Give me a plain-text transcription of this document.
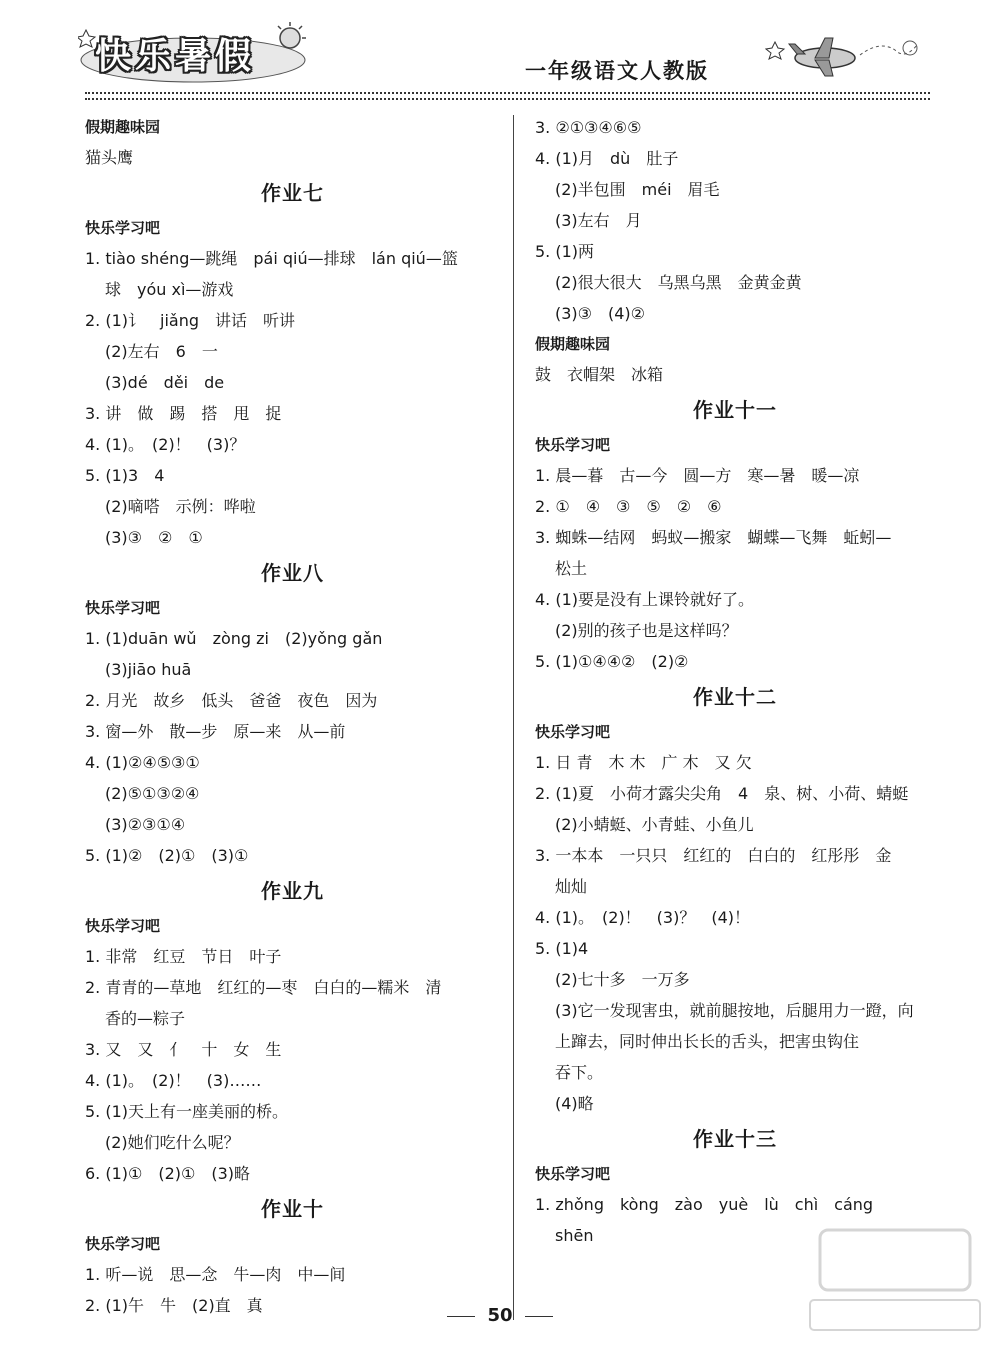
快乐暑假	一年级语文人教版
假期趣味园
猫头鹰
作业七
快乐学习吧
1. tiào shéng—跳绳　pái qiú—排球　lán qiú—篮
球　yóu xì—游戏
2. (1)讠　jiǎng　讲话　听讲
(2)左右　6　一
(3)dé　děi　de
3. 讲　做　踢　搭　甩　捉
4. (1)。　(2)！　(3)？
5. (1)3　4
(2)嘀嗒　示例：哗啦
(3)③　②　①
作业八
快乐学习吧
1. (1)duān wǔ　zòng zi　(2)yǒng gǎn
(3)jiāo huā
2. 月光　故乡　低头　爸爸　夜色　因为
3. 窗—外　散—步　原—来　从—前
4. (1)②④⑤③①
(2)⑤①③②④
(3)②③①④
5. (1)②　(2)①　(3)①
作业九
快乐学习吧
1. 非常　红豆　节日　叶子
2. 青青的—草地　红红的—枣　白白的—糯米　清
香的—粽子
3. 又　又　亻　十　女　生
4. (1)。　(2)！　(3)……
5. (1)天上有一座美丽的桥。
(2)她们吃什么呢？
6. (1)①　(2)①　(3)略
作业十
快乐学习吧
1. 听—说　思—念　牛—肉　中—间
2. (1)午　牛　(2)直　真
3. ②①③④⑥⑤
4. (1)月　dù　肚子
(2)半包围　méi　眉毛
(3)左右　月
5. (1)两
(2)很大很大　乌黑乌黑　金黄金黄
(3)③　(4)②
假期趣味园
鼓　衣帽架　冰箱
作业十一
快乐学习吧
1. 晨—暮　古—今　圆—方　寒—暑　暖—凉
2. ①　④　③　⑤　②　⑥
3. 蜘蛛—结网　蚂蚁—搬家　蝴蝶—飞舞　蚯蚓—
松土
4. (1)要是没有上课铃就好了。
(2)别的孩子也是这样吗？
5. (1)①④④②　(2)②
作业十二
快乐学习吧
1. 日 青　木 木　广 木　又 欠
2. (1)夏　小荷才露尖尖角　4　泉、树、小荷、蜻蜓
(2)小蜻蜓、小青蛙、小鱼儿
3. 一本本　一只只　红红的　白白的　红彤彤　金
灿灿
4. (1)。　(2)！　(3)？　(4)！
5. (1)4
(2)七十多　一万多
(3)它一发现害虫，就前腿按地，后腿用力一蹬，向
上蹿去，同时伸出长长的舌头，把害虫钩住
吞下。
(4)略
作业十三
快乐学习吧
1. zhǒng　kòng　zào　yuè　lù　chì　cáng
shēn
50
